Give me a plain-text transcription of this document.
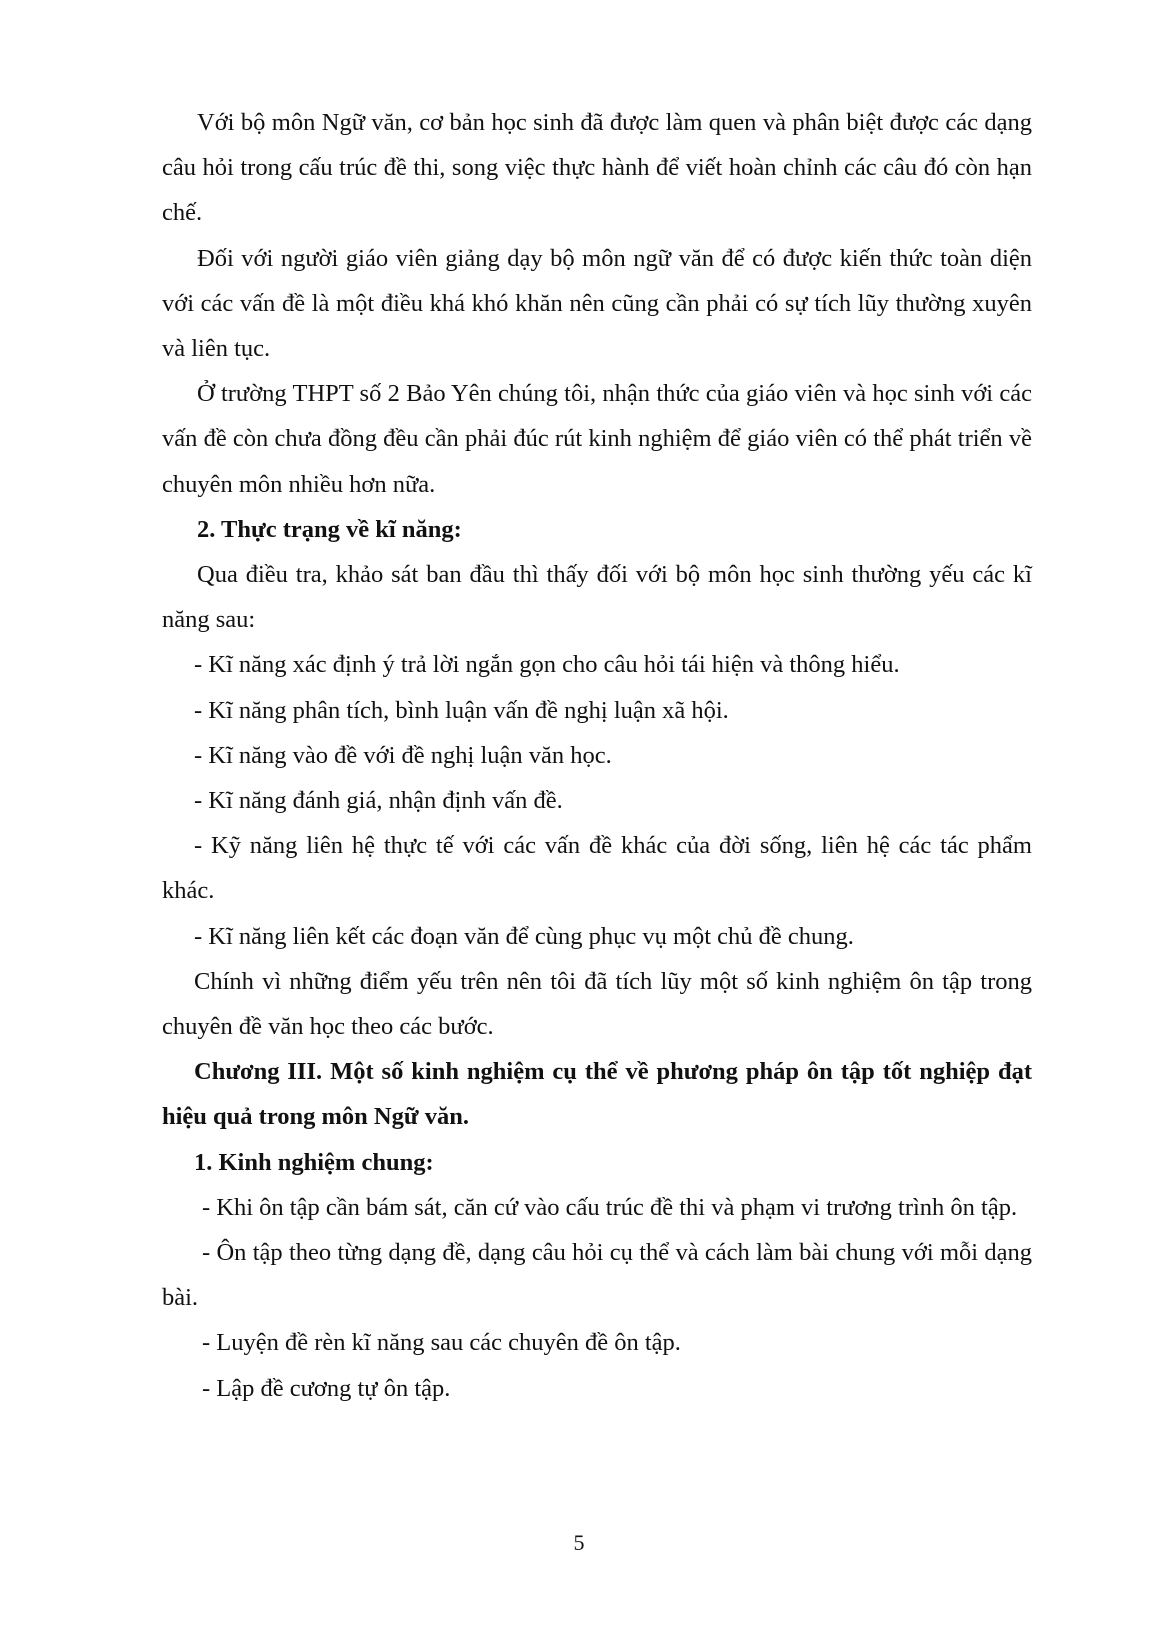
Với bộ môn Ngữ văn, cơ bản học sinh đã được làm quen và phân biệt được các dạng câu hỏi trong cấu trúc đề thi, song việc thực hành để viết hoàn chỉnh các câu đó còn hạn chế.

Đối với người giáo viên giảng dạy bộ môn ngữ văn để có được kiến thức toàn diện với các vấn đề là một điều khá khó khăn nên cũng cần phải có sự tích lũy thường xuyên và liên tục.

Ở trường THPT số 2 Bảo Yên chúng tôi, nhận thức của giáo viên và học sinh với các vấn đề còn chưa đồng đều cần phải đúc rút kinh nghiệm để giáo viên có thể phát triển về chuyên môn nhiều hơn nữa.

2. Thực trạng về kĩ năng:

Qua điều tra, khảo sát ban đầu thì thấy đối với bộ môn học sinh thường yếu các kĩ năng sau:

- Kĩ năng xác định ý trả lời ngắn gọn cho câu hỏi tái hiện và thông hiểu.

- Kĩ năng phân tích, bình luận vấn đề nghị luận xã hội.

- Kĩ năng vào đề với đề nghị luận văn học.

- Kĩ năng đánh giá, nhận định vấn đề.

- Kỹ năng liên hệ thực tế với các vấn đề khác của đời sống, liên hệ các tác phẩm khác.

- Kĩ năng liên kết các đoạn văn để cùng phục vụ một chủ đề chung.

Chính vì những điểm yếu trên nên tôi đã tích lũy một số kinh nghiệm ôn tập trong chuyên đề văn học theo các bước.

Chương III. Một số kinh nghiệm cụ thể về phương pháp ôn tập tốt nghiệp đạt hiệu quả trong môn Ngữ văn.

1. Kinh nghiệm chung:

- Khi ôn tập cần bám sát, căn cứ vào cấu trúc đề thi và phạm vi trương trình ôn tập.

- Ôn tập theo từng dạng đề, dạng câu hỏi cụ thể và cách làm bài chung với mỗi dạng bài.

- Luyện đề rèn kĩ năng sau các chuyên đề ôn tập.

- Lập đề cương tự ôn tập.

5
